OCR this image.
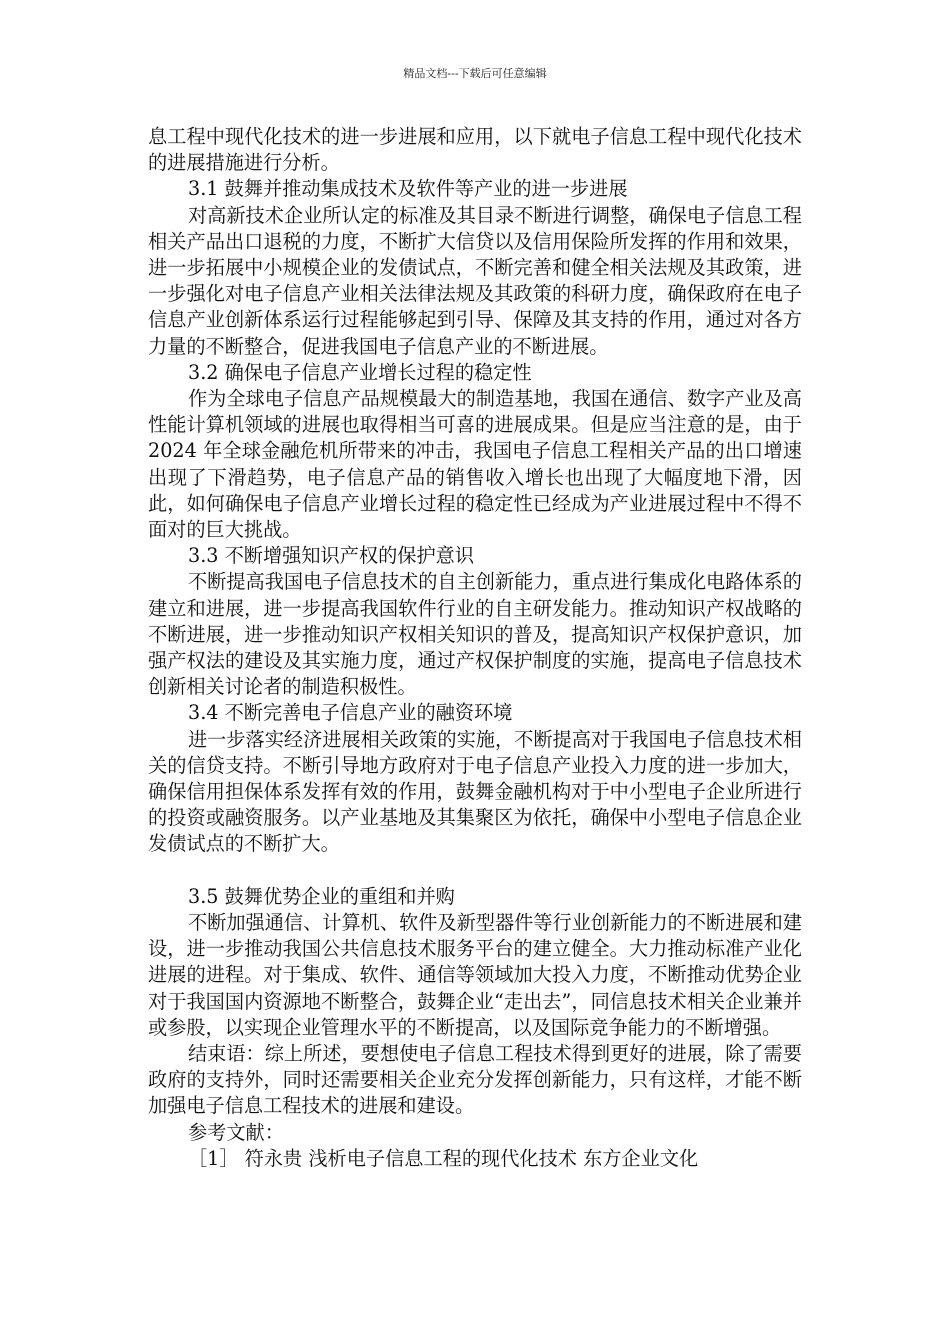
精品文档---下载后可任意编辑

息工程中现代化技术的进一步进展和应用，以下就电子信息工程中现代化技术的进展措施进行分析。

3.1 鼓舞并推动集成技术及软件等产业的进一步进展

对高新技术企业所认定的标准及其目录不断进行调整，确保电子信息工程相关产品出口退税的力度，不断扩大信贷以及信用保险所发挥的作用和效果，进一步拓展中小规模企业的发债试点，不断完善和健全相关法规及其政策，进一步强化对电子信息产业相关法律法规及其政策的科研力度，确保政府在电子信息产业创新体系运行过程能够起到引导、保障及其支持的作用，通过对各方力量的不断整合，促进我国电子信息产业的不断进展。

3.2 确保电子信息产业增长过程的稳定性

作为全球电子信息产品规模最大的制造基地，我国在通信、数字产业及高性能计算机领域的进展也取得相当可喜的进展成果。但是应当注意的是，由于 2024 年全球金融危机所带来的冲击，我国电子信息工程相关产品的出口增速出现了下滑趋势，电子信息产品的销售收入增长也出现了大幅度地下滑，因此，如何确保电子信息产业增长过程的稳定性已经成为产业进展过程中不得不面对的巨大挑战。

3.3 不断增强知识产权的保护意识

不断提高我国电子信息技术的自主创新能力，重点进行集成化电路体系的建立和进展，进一步提高我国软件行业的自主研发能力。推动知识产权战略的不断进展，进一步推动知识产权相关知识的普及，提高知识产权保护意识，加强产权法的建设及其实施力度，通过产权保护制度的实施，提高电子信息技术创新相关讨论者的制造积极性。

3.4 不断完善电子信息产业的融资环境

进一步落实经济进展相关政策的实施，不断提高对于我国电子信息技术相关的信贷支持。不断引导地方政府对于电子信息产业投入力度的进一步加大，确保信用担保体系发挥有效的作用，鼓舞金融机构对于中小型电子企业所进行的投资或融资服务。以产业基地及其集聚区为依托，确保中小型电子信息企业发债试点的不断扩大。

3.5 鼓舞优势企业的重组和并购

不断加强通信、计算机、软件及新型器件等行业创新能力的不断进展和建设，进一步推动我国公共信息技术服务平台的建立健全。大力推动标准产业化进展的进程。对于集成、软件、通信等领域加大投入力度，不断推动优势企业对于我国国内资源地不断整合，鼓舞企业“走出去”，同信息技术相关企业兼并或参股，以实现企业管理水平的不断提高，以及国际竞争能力的不断增强。

结束语：综上所述，要想使电子信息工程技术得到更好的进展，除了需要政府的支持外，同时还需要相关企业充分发挥创新能力，只有这样，才能不断加强电子信息工程技术的进展和建设。

参考文献：

［1］ 符永贵 浅析电子信息工程的现代化技术 东方企业文化
